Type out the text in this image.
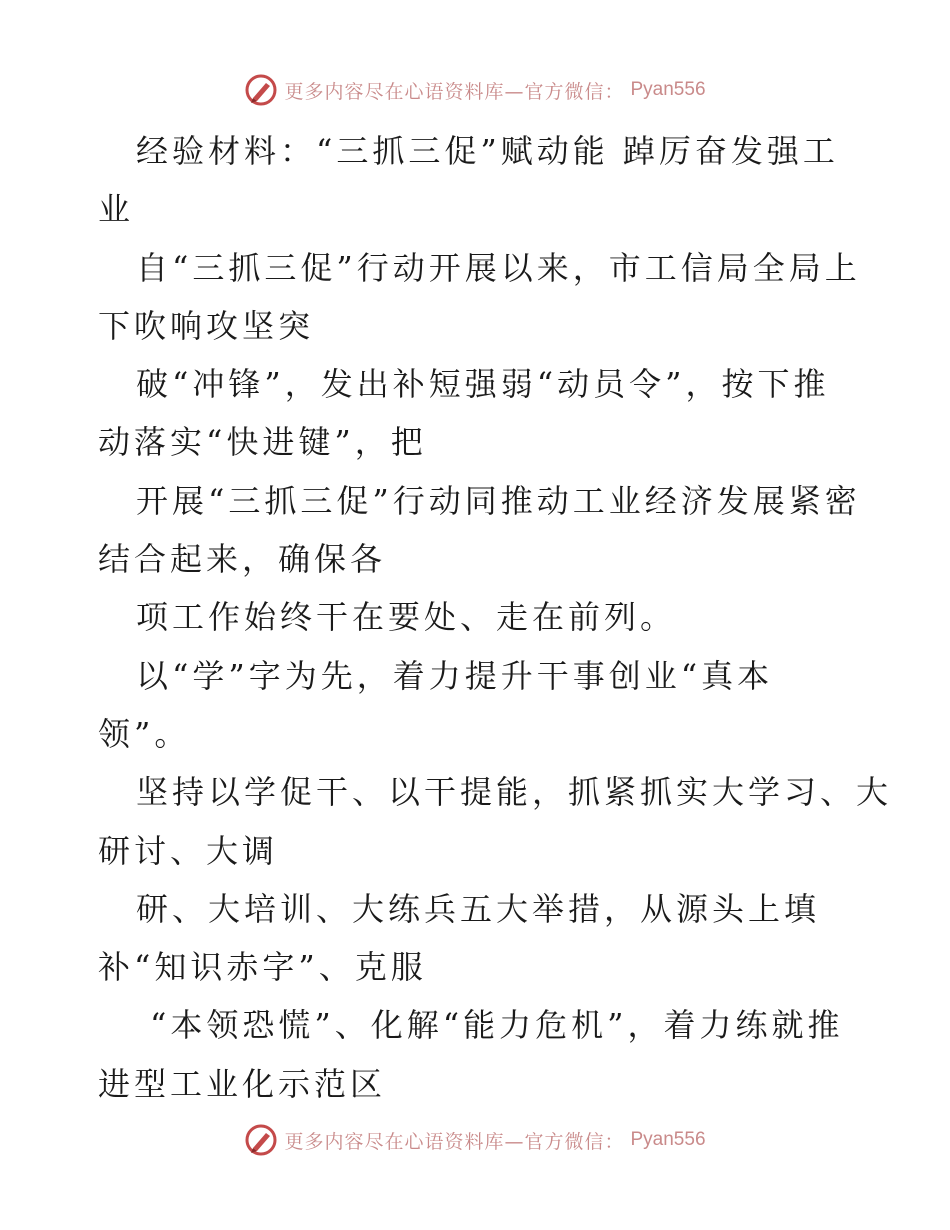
更多内容尽在心语资料库—官方微信： Pyan556
经验材料：“三抓三促”赋动能 踔厉奋发强工
业
自“三抓三促”行动开展以来，市工信局全局上
下吹响攻坚突
破“冲锋”，发出补短强弱“动员令”，按下推
动落实“快进键”，把
开展“三抓三促”行动同推动工业经济发展紧密
结合起来，确保各
项工作始终干在要处、走在前列。
以“学”字为先，着力提升干事创业“真本
领”。
坚持以学促干、以干提能，抓紧抓实大学习、大
研讨、大调
研、大培训、大练兵五大举措，从源头上填
补“知识赤字”、克服
“本领恐慌”、化解“能力危机”，着力练就推
进型工业化示范区
更多内容尽在心语资料库—官方微信： Pyan556
